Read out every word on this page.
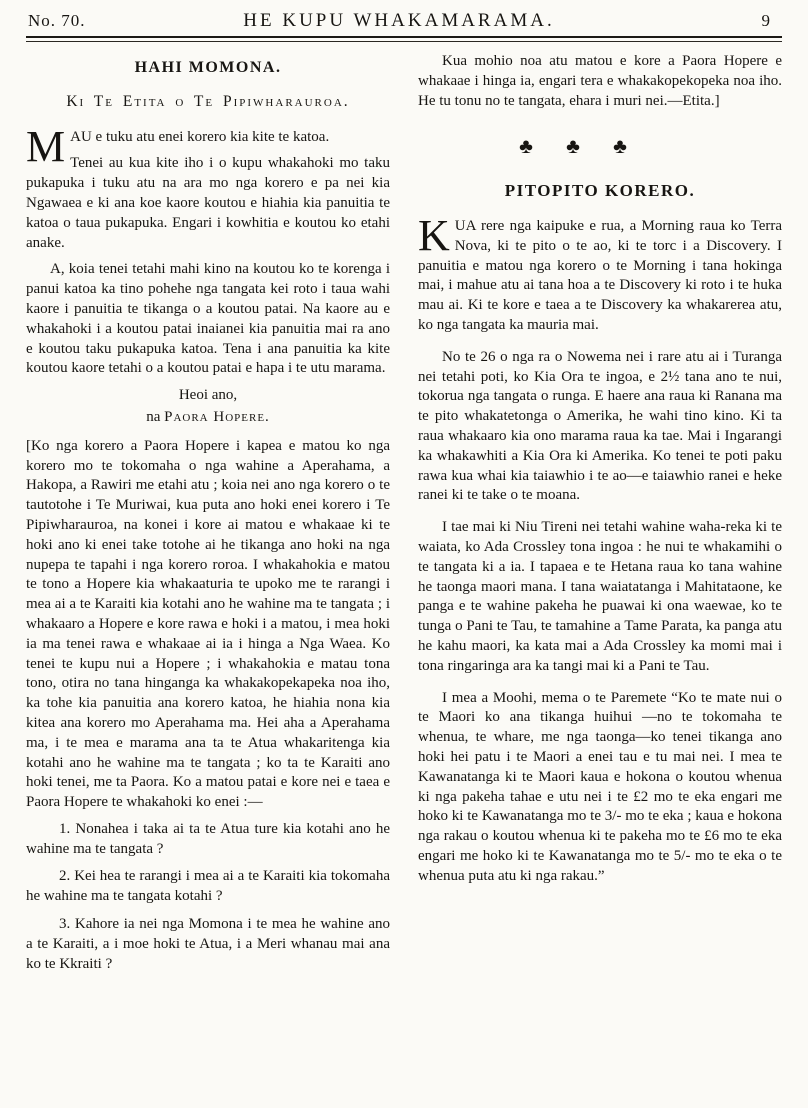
No. 70.	HE KUPU WHAKAMARAMA.	9
HAHI MOMONA.
Ki Te Etita o Te Pipiwharauroa.

MAU e tuku atu enei korero kia kite te katoa.

Tenei au kua kite iho i o kupu whakahoki mo taku pukapuka i tuku atu na ara mo nga korero e pa nei kia Ngawaea e ki ana koe kaore koutou e hiahia kia panuitia te katoa o taua pukapuka. Engari i kowhitia e koutou ko etahi anake.

A, koia tenei tetahi mahi kino na koutou ko te korenga i panui katoa ka tino pohehe nga tangata kei roto i taua wahi kaore i panuitia te tikanga o a koutou patai. Na kaore au e whakahoki i a koutou patai inaianei kia panuitia mai ra ano e koutou taku pukapuka katoa. Tena i ana panuitia ka kite koutou kaore tetahi o a koutou patai e hapa i te utu marama.

Heoi ano,
na Paora Hopere.

[Ko nga korero a Paora Hopere i kapea e matou ko nga korero mo te tokomaha o nga wahine a Aperahama, a Hakopa, a Rawiri me etahi atu ; koia nei ano nga korero o te tautotohe i Te Muriwai, kua puta ano hoki enei korero i Te Pipiwharauroa, na konei i kore ai matou e whakaae ki te hoki ano ki enei take totohe ai he tikanga ano hoki na nga nupepa te tapahi i nga korero roroa. I whakahokia e matou te tono a Hopere kia whakaaturia te upoko me te rarangi i mea ai a te Karaiti kia kotahi ano he wahine ma te tangata ; i whakaaro a Hopere e kore rawa e hoki i a matou, i mea hoki ia ma tenei rawa e whakaae ai ia i hinga a Nga Waea. Ko tenei te kupu nui a Hopere ; i whakahokia e matau tona tono, otira no tana hinganga ka whakakopekapeka noa iho, ka tohe kia panuitia ana korero katoa, he hiahia nona kia kitea ana korero mo Aperahama ma. Hei aha a Aperahama ma, i te mea e marama ana ta te Atua whakaritenga kia kotahi ano he wahine ma te tangata ; ko ta te Karaiti ano hoki tenei, me ta Paora. Ko a matou patai e kore nei e taea e Paora Hopere te whakahoki ko enei :—

1. Nonahea i taka ai ta te Atua ture kia kotahi ano he wahine ma te tangata ?

2. Kei hea te rarangi i mea ai a te Karaiti kia tokomaha he wahine ma te tangata kotahi ?

3. Kahore ia nei nga Momona i te mea he wahine ano a te Karaiti, a i moe hoki te Atua, i a Meri whanau mai ana ko te Kkraiti ?

Kua mohio noa atu matou e kore a Paora Hopere e whakaae i hinga ia, engari tera e whakakopekopeka noa iho. He tu tonu no te tangata, ehara i muri nei.—Etita.]

♣ ♣ ♣
PITOPITO KORERO.

KUA rere nga kaipuke e rua, a Morning raua ko Terra Nova, ki te pito o te ao, ki te torc i a Discovery. I panuitia e matou nga korero o te Morning i tana hokinga mai, i mahue atu ai tana hoa a te Discovery ki roto i te huka mau ai. Ki te kore e taea a te Discovery ka whakarerea atu, ko nga tangata ka mauria mai.

No te 26 o nga ra o Nowema nei i rare atu ai i Turanga nei tetahi poti, ko Kia Ora te ingoa, e 2½ tana ano te nui, tokorua nga tangata o runga. E haere ana raua ki Ranana ma te pito whakatetonga o Amerika, he wahi tino kino. Ki ta raua whakaaro kia ono marama raua ka tae. Mai i Ingarangi ka whakawhiti a Kia Ora ki Amerika. Ko tenei te poti paku rawa kua whai kia taiawhio i te ao—e taiawhio ranei e heke ranei ki te take o te moana.

I tae mai ki Niu Tireni nei tetahi wahine waha-reka ki te waiata, ko Ada Crossley tona ingoa : he nui te whakamihi o te tangata ki a ia. I tapaea e te Hetana raua ko tana wahine he taonga maori mana. I tana waiatatanga i Mahitataone, ke panga e te wahine pakeha he puawai ki ona waewae, ko te tunga o Pani te Tau, te tamahine a Tame Parata, ka panga atu he kahu maori, ka kata mai a Ada Crossley ka momi mai i tona ringaringa ara ka tangi mai ki a Pani te Tau.

I mea a Moohi, mema o te Paremete “Ko te mate nui o te Maori ko ana tikanga huihui —no te tokomaha te whenua, te whare, me nga taonga—ko tenei tikanga ano hoki hei patu i te Maori a enei tau e tu mai nei. I mea te Kawanatanga ki te Maori kaua e hokona o koutou whenua ki nga pakeha tahae e utu nei i te £2 mo te eka engari me hoko ki te Kawanatanga mo te 3/- mo te eka ; kaua e hokona nga rakau o koutou whenua ki te pakeha mo te £6 mo te eka engari me hoko ki te Kawanatanga mo te 5/- mo te eka o te whenua puta atu ki nga rakau.”
